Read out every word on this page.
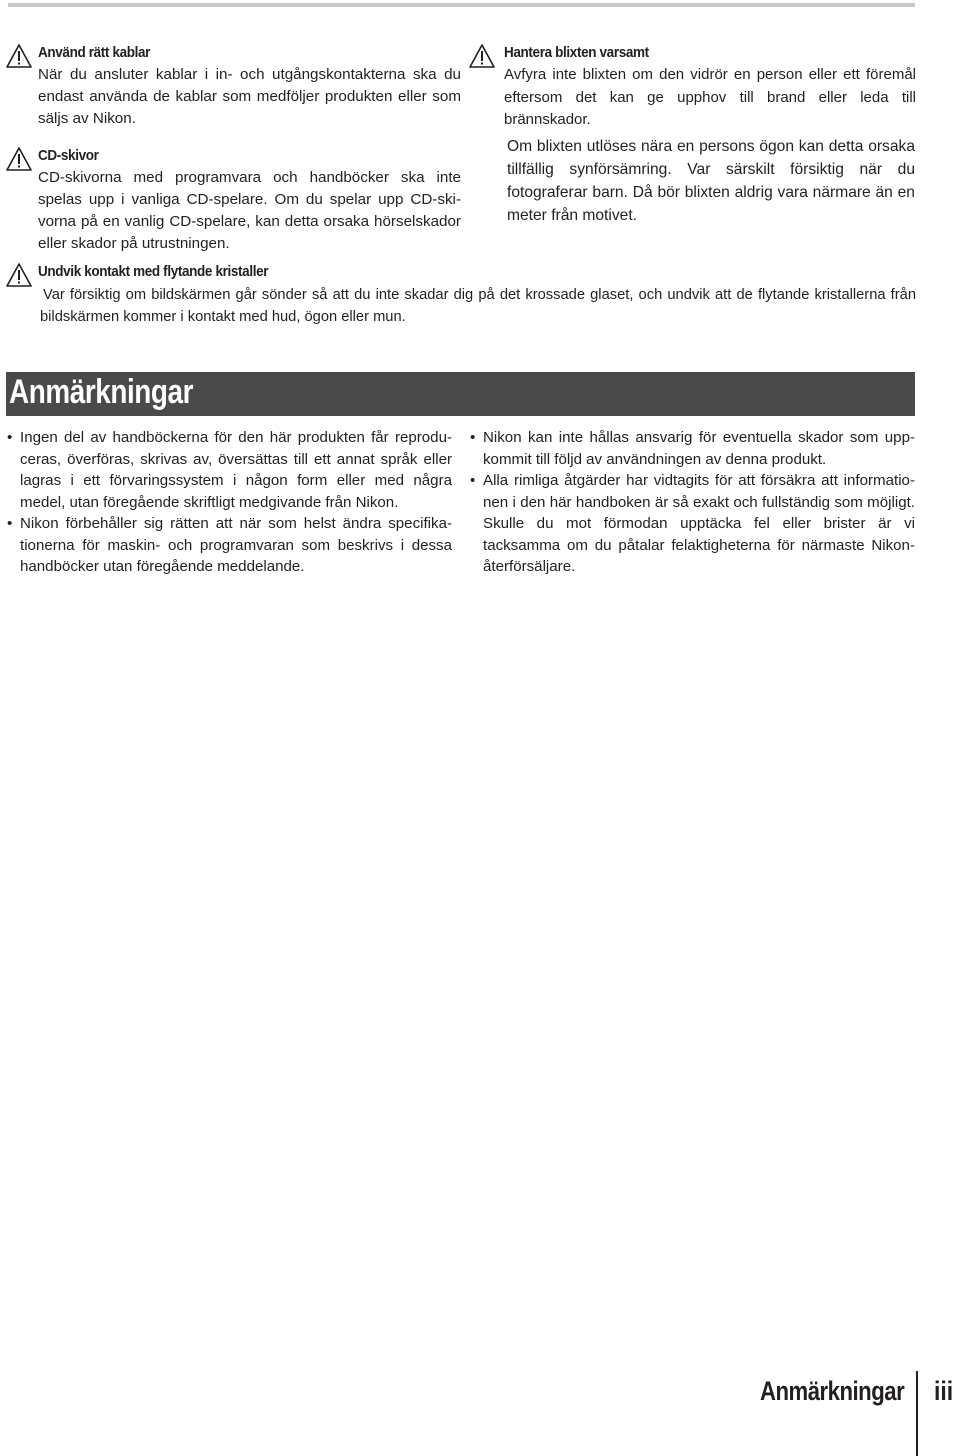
Använd rätt kablar

När du ansluter kablar i in- och utgångskontakterna ska du endast använda de kablar som medföljer produkten eller som säljs av Nikon.

CD-skivor

CD-skivorna med programvara och handböcker ska inte spelas upp i vanliga CD-spelare. Om du spelar upp CD-skivorna på en vanlig CD-spelare, kan detta orsaka hörselskador eller skador på utrustningen.

Hantera blixten varsamt

Avfyra inte blixten om den vidrör en person eller ett föremål eftersom det kan ge upphov till brand eller leda till brännskador.

Om blixten utlöses nära en persons ögon kan detta orsaka tillfällig synförsämring. Var särskilt försiktig när du fotograferar barn. Då bör blixten aldrig vara närmare än en meter från motivet.

Undvik kontakt med flytande kristaller

Var försiktig om bildskärmen går sönder så att du inte skadar dig på det krossade glaset, och undvik att de flytande kristallerna från bildskärmen kommer i kontakt med hud, ögon eller mun.

Anmärkningar
• Ingen del av handböckerna för den här produkten får reproduceras, överföras, skrivas av, översättas till ett annat språk eller lagras i ett förvaringssystem i någon form eller med några medel, utan föregående skriftligt medgivande från Nikon.
• Nikon förbehåller sig rätten att när som helst ändra specifikationerna för maskin- och programvaran som beskrivs i dessa handböcker utan föregående meddelande.
• Nikon kan inte hållas ansvarig för eventuella skador som uppkommit till följd av användningen av denna produkt.
• Alla rimliga åtgärder har vidtagits för att försäkra att informationen i den här handboken är så exakt och fullständig som möjligt. Skulle du mot förmodan upptäcka fel eller brister är vi tacksamma om du påtalar felaktigheterna för närmaste Nikonåterförsäljare.
Anmärkningar iii
